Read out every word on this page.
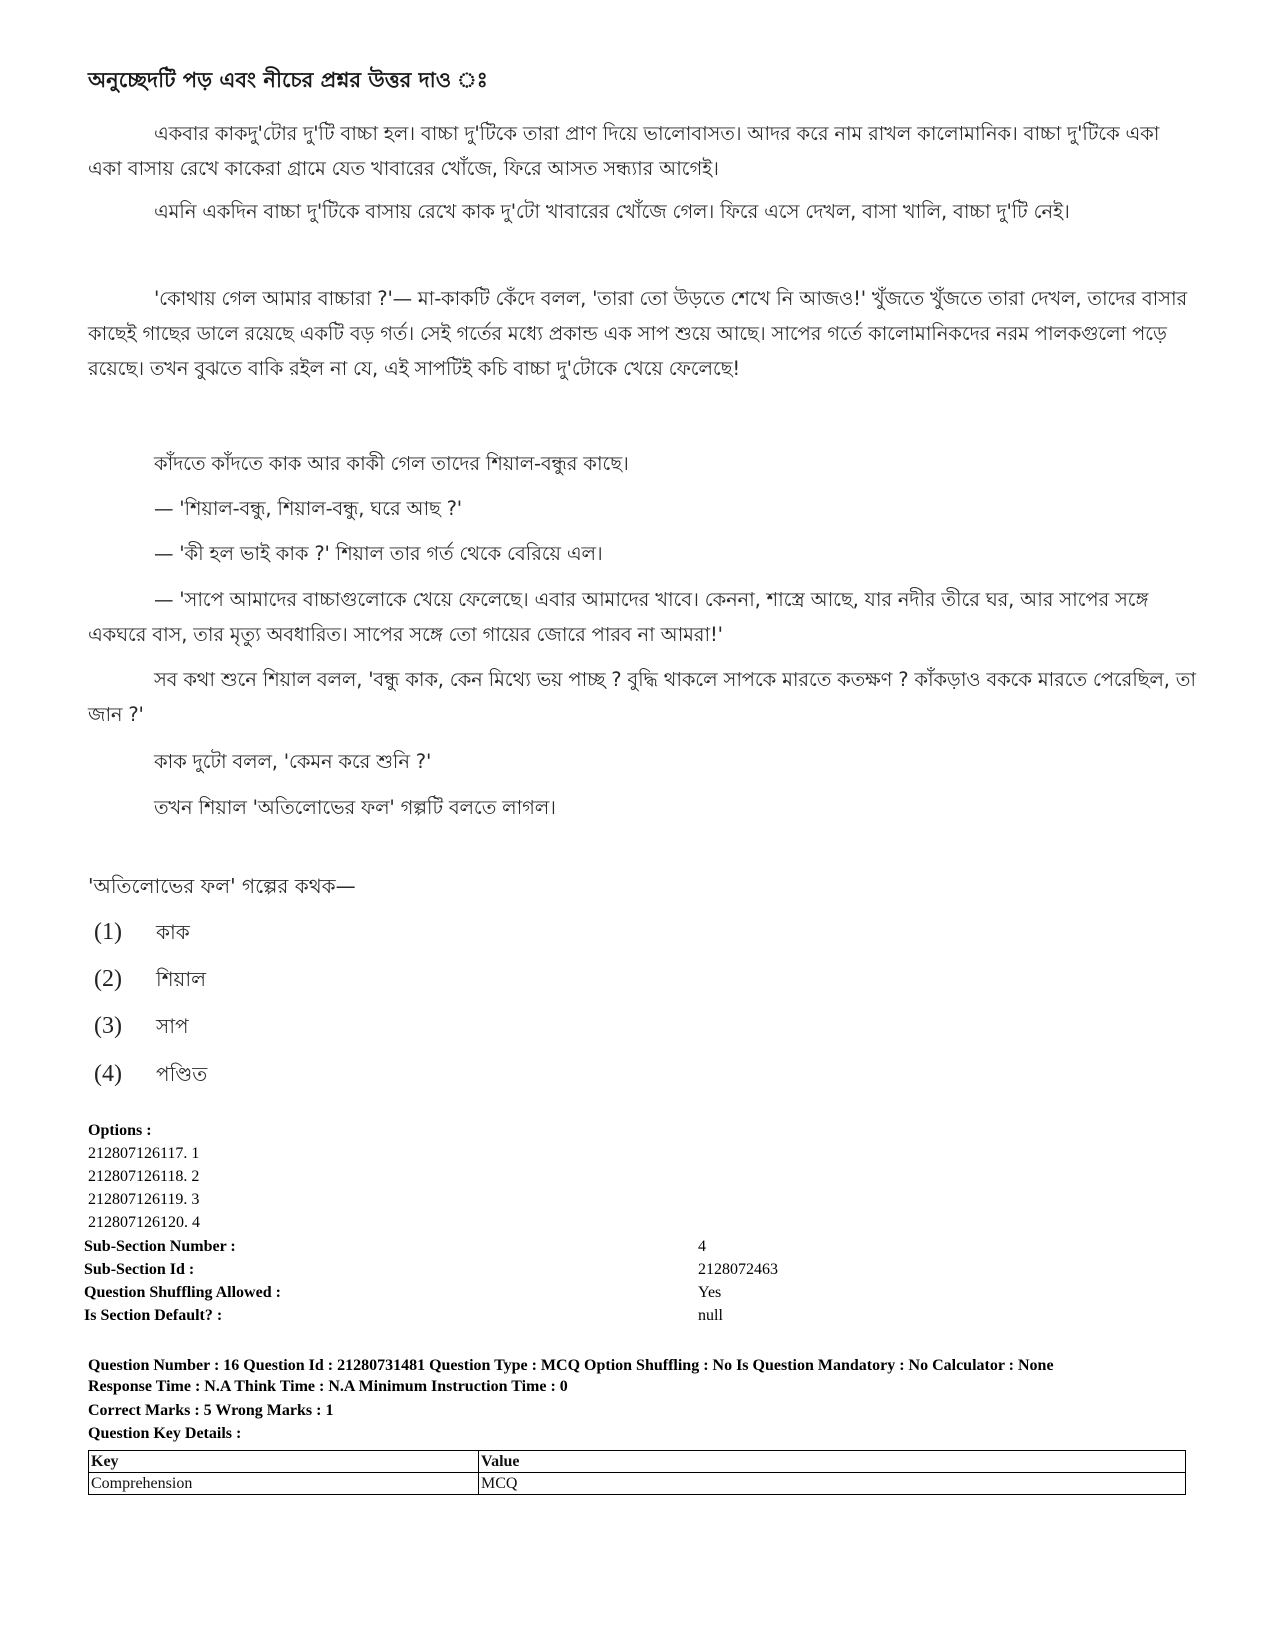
অনুচ্ছেদটি পড় এবং নীচের প্রশ্নর উত্তর দাও ঃ
একবার কাকদু'টোর দু'টি বাচ্চা হল। বাচ্চা দু'টিকে তারা প্রাণ দিয়ে ভালোবাসত। আদর করে নাম রাখল কালোমানিক। বাচ্চা দু'টিকে একা একা বাসায় রেখে কাকেরা গ্রামে যেত খাবারের খোঁজে, ফিরে আসত সন্ধ্যার আগেই।
এমনি একদিন বাচ্চা দু'টিকে বাসায় রেখে কাক দু'টো খাবারের খোঁজে গেল। ফিরে এসে দেখল, বাসা খালি, বাচ্চা দু'টি নেই।
'কোথায় গেল আমার বাচ্চারা ?'— মা-কাকটি কেঁদে বলল, 'তারা তো উড়তে শেখে নি আজও!' খুঁজতে খুঁজতে তারা দেখল, তাদের বাসার কাছেই গাছের ডালে রয়েছে একটি বড় গর্ত। সেই গর্তের মধ্যে প্রকান্ড এক সাপ শুয়ে আছে। সাপের গর্তে কালোমানিকদের নরম পালকগুলো পড়ে রয়েছে। তখন বুঝতে বাকি রইল না যে, এই সাপটিই কচি বাচ্চা দু'টোকে খেয়ে ফেলেছে!
কাঁদতে কাঁদতে কাক আর কাকী গেল তাদের শিয়াল-বন্ধুর কাছে।
— 'শিয়াল-বন্ধু, শিয়াল-বন্ধু, ঘরে আছ ?'
— 'কী হল ভাই কাক ?' শিয়াল তার গর্ত থেকে বেরিয়ে এল।
— 'সাপে আমাদের বাচ্চাগুলোকে খেয়ে ফেলেছে। এবার আমাদের খাবে। কেননা, শাস্ত্রে আছে, যার নদীর তীরে ঘর, আর সাপের সঙ্গে একঘরে বাস, তার মৃত্যু অবধারিত। সাপের সঙ্গে তো গায়ের জোরে পারব না আমরা!'
সব কথা শুনে শিয়াল বলল, 'বন্ধু কাক, কেন মিথ্যে ভয় পাচ্ছ ? বুদ্ধি থাকলে সাপকে মারতে কতক্ষণ ? কাঁকড়াও বককে মারতে পেরেছিল, তা জান ?'
কাক দুটো বলল, 'কেমন করে শুনি ?'
তখন শিয়াল 'অতিলোভের ফল' গল্পটি বলতে লাগল।
'অতিলোভের ফল' গল্পের কথক—
(1) কাক
(2) শিয়াল
(3) সাপ
(4) পণ্ডিত
Options :
212807126117. 1
212807126118. 2
212807126119. 3
212807126120. 4
Sub-Section Number :	4
Sub-Section Id :	2128072463
Question Shuffling Allowed :	Yes
Is Section Default? :	null
Question Number : 16 Question Id : 21280731481 Question Type : MCQ Option Shuffling : No Is Question Mandatory : No Calculator : None
Response Time : N.A Think Time : N.A Minimum Instruction Time : 0
Correct Marks : 5 Wrong Marks : 1
Question Key Details :
Key	Value
Comprehension	MCQ
